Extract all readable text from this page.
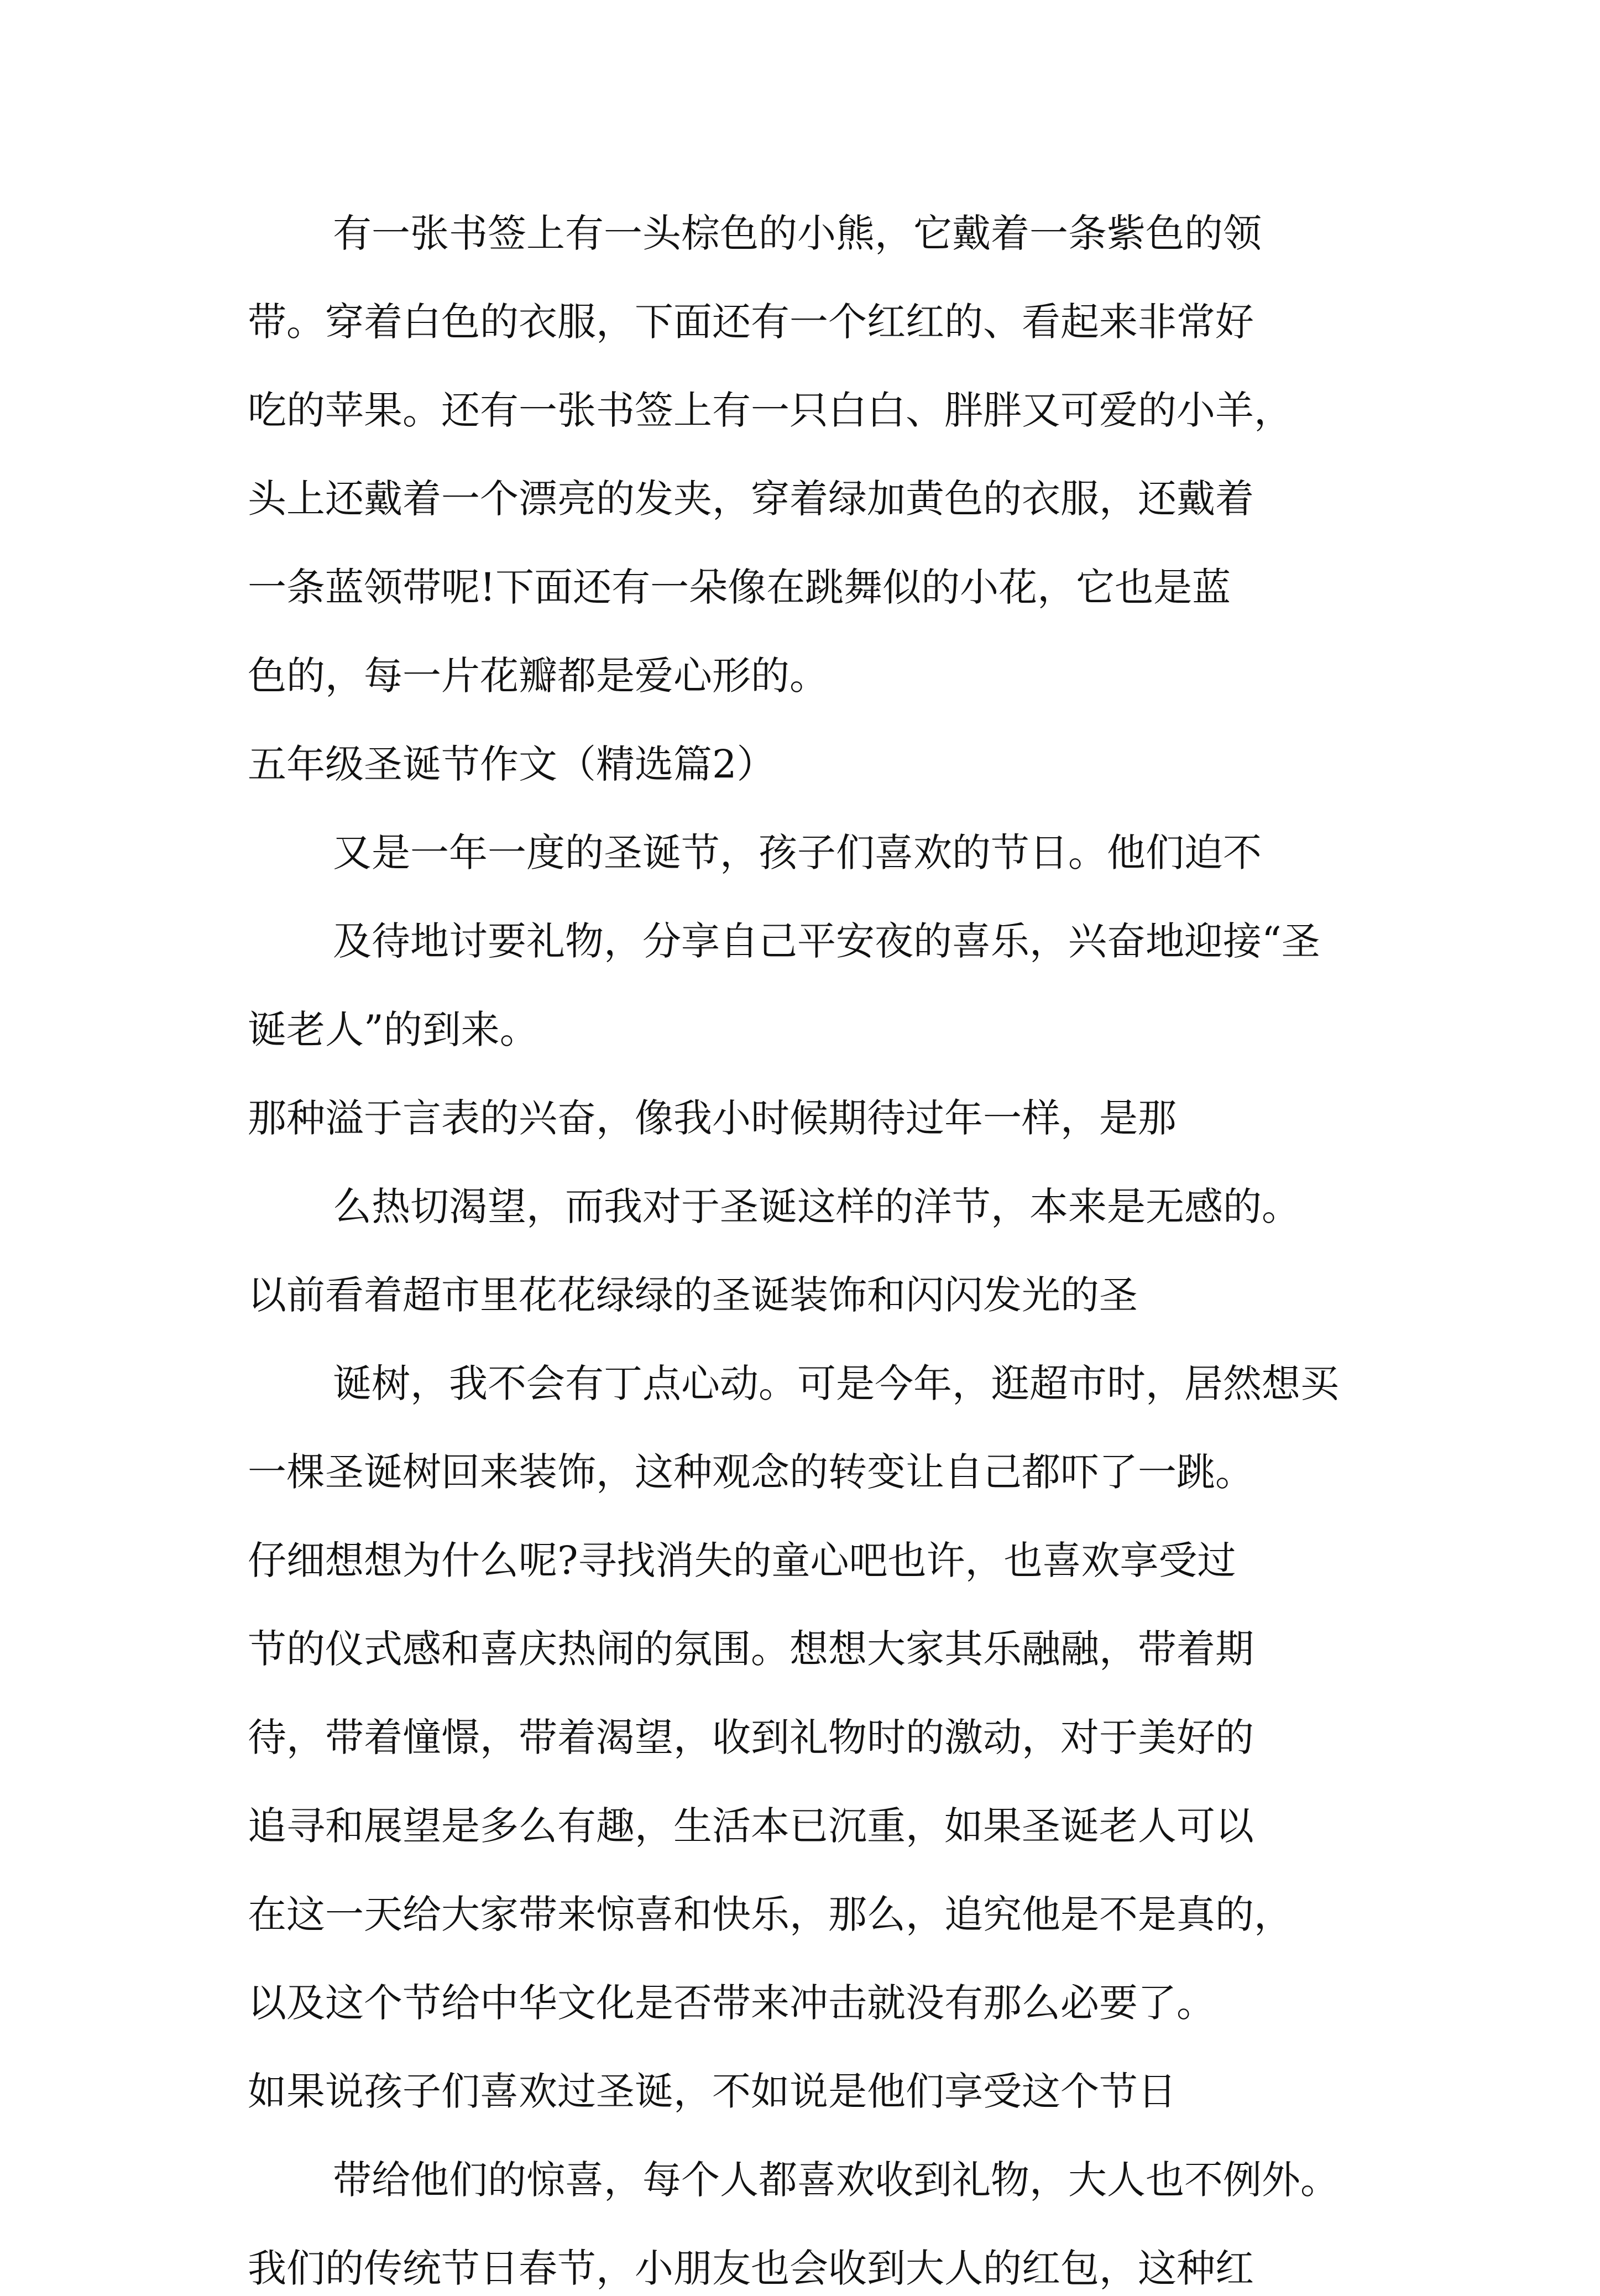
有一张书签上有一头棕色的小熊，它戴着一条紫色的领
带。穿着白色的衣服，下面还有一个红红的、看起来非常好
吃的苹果。还有一张书签上有一只白白、胖胖又可爱的小羊，
头上还戴着一个漂亮的发夹，穿着绿加黄色的衣服，还戴着
一条蓝领带呢!下面还有一朵像在跳舞似的小花，它也是蓝
色的，每一片花瓣都是爱心形的。
五年级圣诞节作文（精选篇2）
又是一年一度的圣诞节，孩子们喜欢的节日。他们迫不
及待地讨要礼物，分享自己平安夜的喜乐，兴奋地迎接“圣
诞老人”的到来。
那种溢于言表的兴奋，像我小时候期待过年一样，是那
么热切渴望，而我对于圣诞这样的洋节，本来是无感的。
以前看着超市里花花绿绿的圣诞装饰和闪闪发光的圣
诞树，我不会有丁点心动。可是今年，逛超市时，居然想买
一棵圣诞树回来装饰，这种观念的转变让自己都吓了一跳。
仔细想想为什么呢?寻找消失的童心吧也许，也喜欢享受过
节的仪式感和喜庆热闹的氛围。想想大家其乐融融，带着期
待，带着憧憬，带着渴望，收到礼物时的激动，对于美好的
追寻和展望是多么有趣，生活本已沉重，如果圣诞老人可以
在这一天给大家带来惊喜和快乐，那么，追究他是不是真的，
以及这个节给中华文化是否带来冲击就没有那么必要了。
如果说孩子们喜欢过圣诞，不如说是他们享受这个节日
带给他们的惊喜，每个人都喜欢收到礼物，大人也不例外。
我们的传统节日春节，小朋友也会收到大人的红包，这种红
